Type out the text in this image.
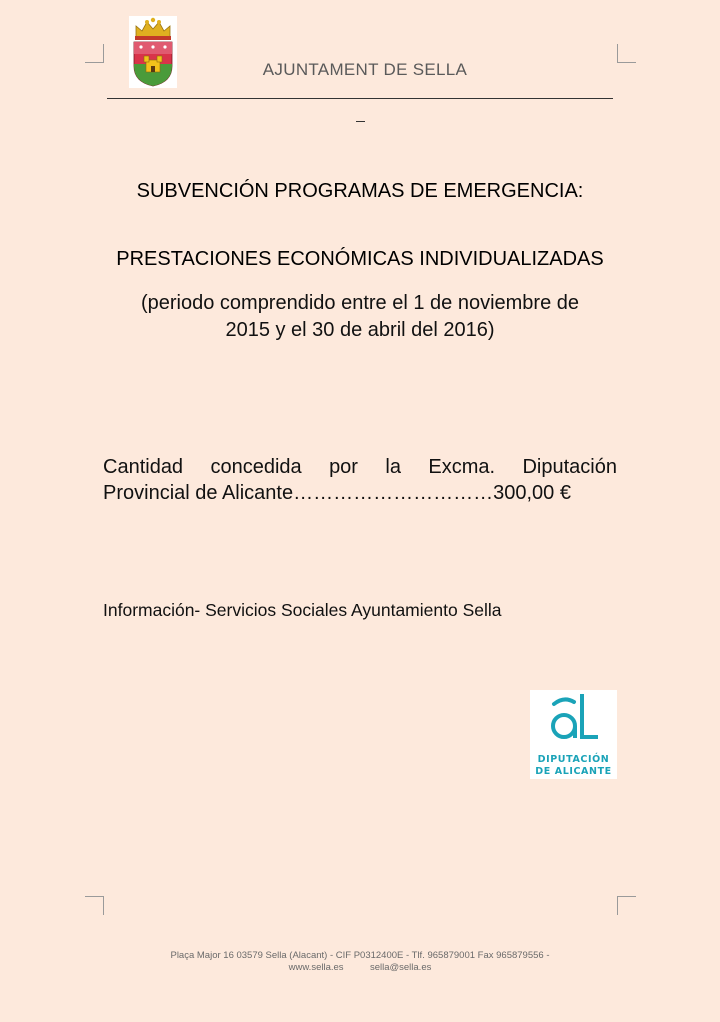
AJUNTAMENT DE SELLA
SUBVENCIÓN PROGRAMAS DE EMERGENCIA:
PRESTACIONES ECONÓMICAS INDIVIDUALIZADAS
(periodo comprendido entre el 1 de noviembre de
2015 y el 30 de abril del 2016)
Cantidad concedida por la Excma. Diputación
Provincial de Alicante…………………………300,00 €
Información- Servicios Sociales Ayuntamiento Sella
DIPUTACIÓN
DE ALICANTE
Plaça Major 16 03579 Sella (Alacant) - CIF P0312400E - Tlf. 965879001 Fax 965879556 -
www.sella.es	sella@sella.es
